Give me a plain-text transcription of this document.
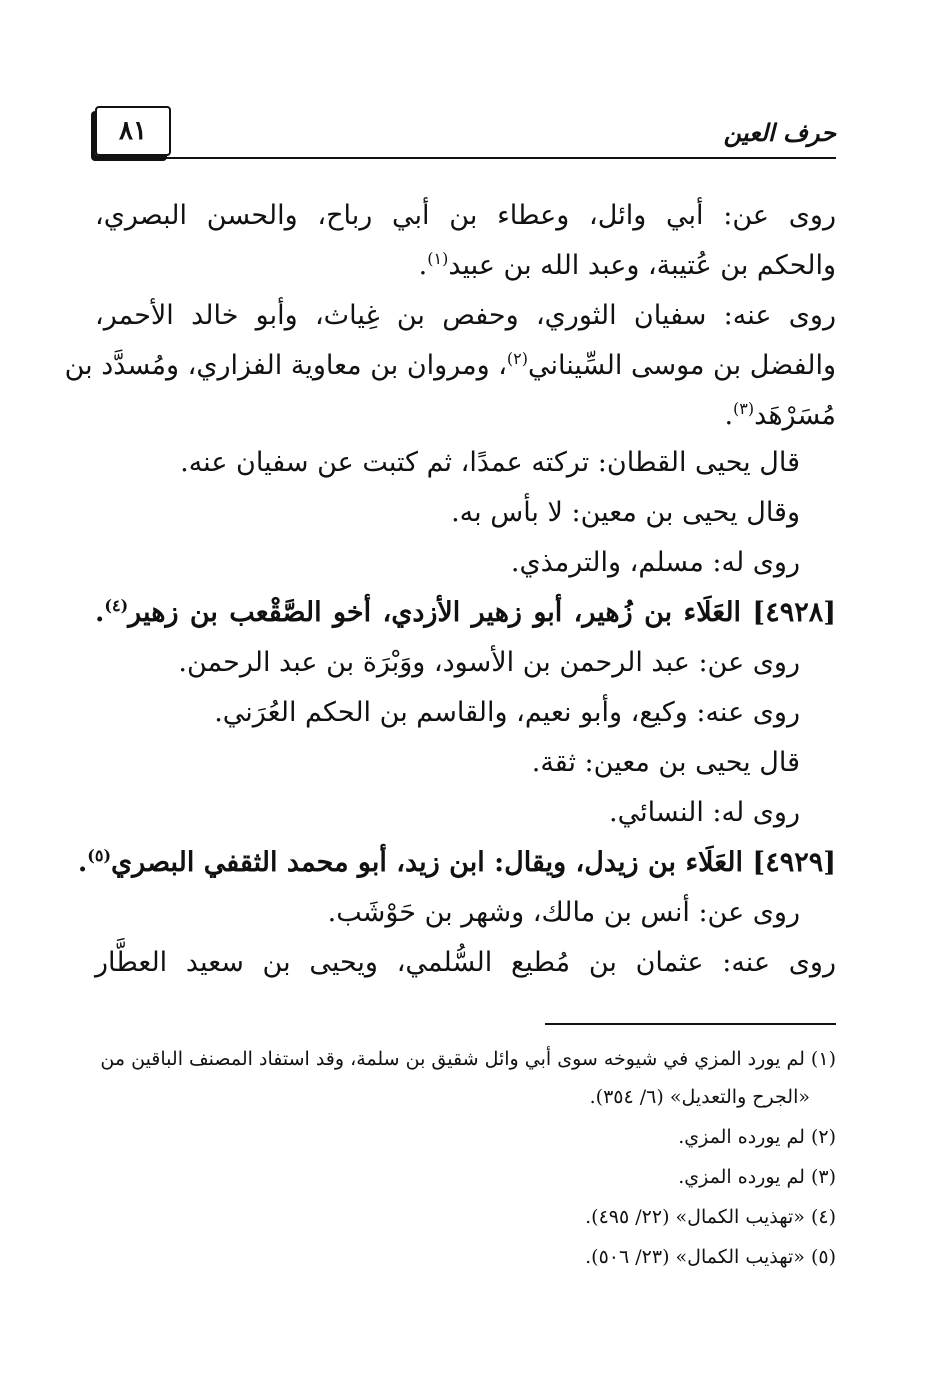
٨١	حرف العين
روى عن: أبي وائل، وعطاء بن أبي رباح، والحسن البصري،
والحكم بن عُتيبة، وعبد الله بن عبيد$^{(١)}$.
روى عنه: سفيان الثوري، وحفص بن غِياث، وأبو خالد الأحمر،
والفضل بن موسى السِّيناني$^{(٢)}$، ومروان بن معاوية الفزاري، ومُسدَّد بن
مُسَرْهَد$^{(٣)}$.
قال يحيى القطان: تركته عمدًا، ثم كتبت عن سفيان عنه.
وقال يحيى بن معين: لا بأس به.
روى له: مسلم، والترمذي.
[٤٩٢٨] العَلَاء بن زُهير، أبو زهير الأزدي، أخو الصَّقْعب بن زهير$^{(٤)}$.
روى عن: عبد الرحمن بن الأسود، ووَبْرَة بن عبد الرحمن.
روى عنه: وكيع، وأبو نعيم، والقاسم بن الحكم العُرَني.
قال يحيى بن معين: ثقة.
روى له: النسائي.
[٤٩٢٩] العَلَاء بن زيدل، ويقال: ابن زيد، أبو محمد الثقفي البصري$^{(٥)}$.
روى عن: أنس بن مالك، وشهر بن حَوْشَب.
روى عنه: عثمان بن مُطيع السُّلمي، ويحيى بن سعيد العطَّار
(١) لم يورد المزي في شيوخه سوى أبي وائل شقيق بن سلمة، وقد استفاد المصنف الباقين من
«الجرح والتعديل» (٦/ ٣٥٤).
(٢) لم يورده المزي.
(٣) لم يورده المزي.
(٤) «تهذيب الكمال» (٢٢/ ٤٩٥).
(٥) «تهذيب الكمال» (٢٣/ ٥٠٦).
